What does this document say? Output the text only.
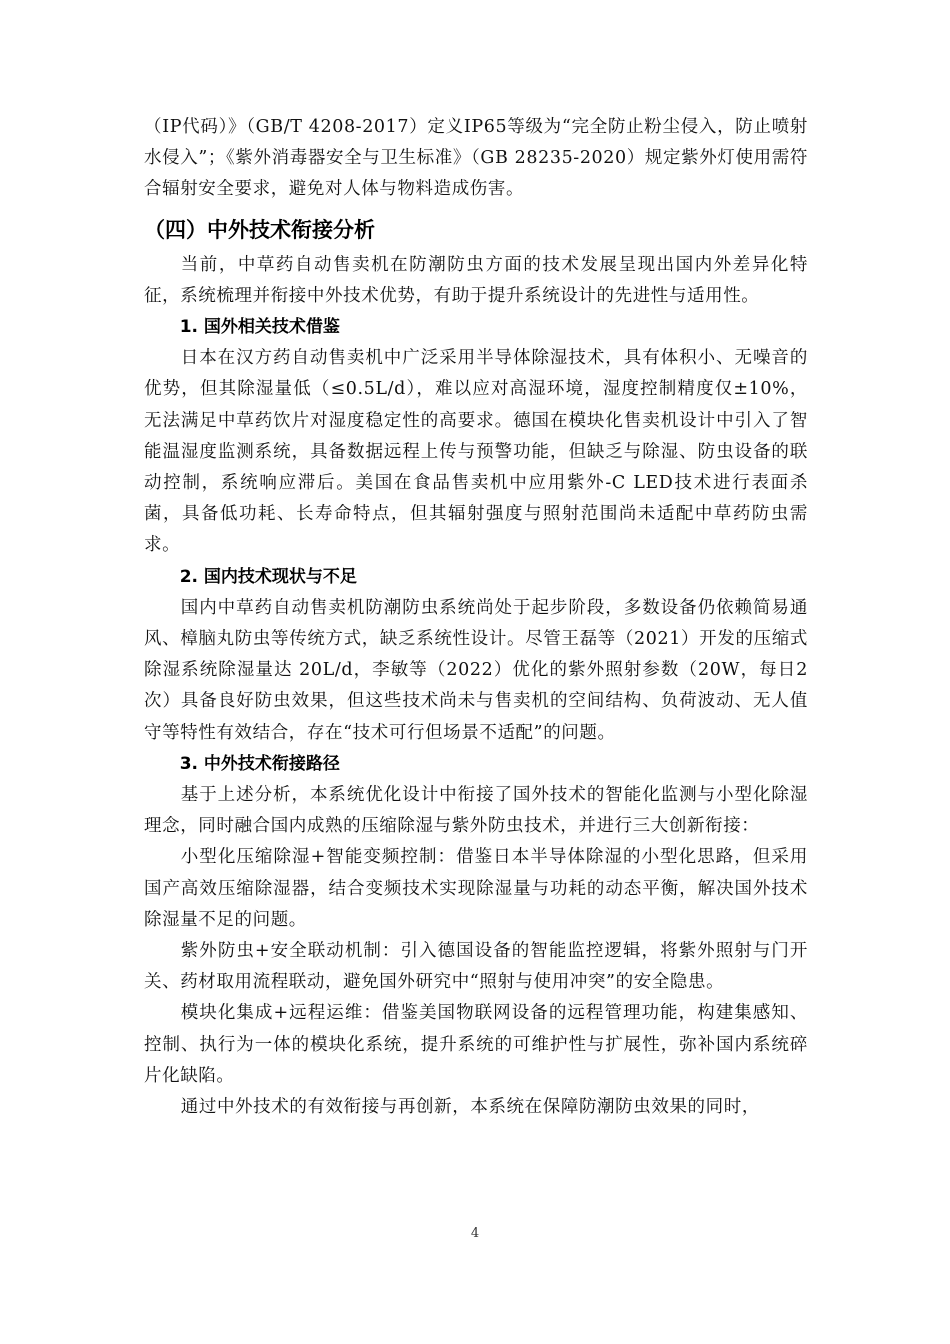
（IP代码）》（GB/T 4208-2017）定义IP65等级为“完全防止粉尘侵入，防止喷射水侵入”；《紫外消毒器安全与卫生标准》（GB 28235-2020）规定紫外灯使用需符合辐射安全要求，避免对人体与物料造成伤害。

（四）中外技术衔接分析

当前，中草药自动售卖机在防潮防虫方面的技术发展呈现出国内外差异化特征，系统梳理并衔接中外技术优势，有助于提升系统设计的先进性与适用性。

1. 国外相关技术借鉴

日本在汉方药自动售卖机中广泛采用半导体除湿技术，具有体积小、无噪音的优势，但其除湿量低（≤0.5L/d），难以应对高湿环境，湿度控制精度仅±10%，无法满足中草药饮片对湿度稳定性的高要求。德国在模块化售卖机设计中引入了智能温湿度监测系统，具备数据远程上传与预警功能，但缺乏与除湿、防虫设备的联动控制，系统响应滞后。美国在食品售卖机中应用紫外-C LED技术进行表面杀菌，具备低功耗、长寿命特点，但其辐射强度与照射范围尚未适配中草药防虫需求。

2. 国内技术现状与不足

国内中草药自动售卖机防潮防虫系统尚处于起步阶段，多数设备仍依赖简易通风、樟脑丸防虫等传统方式，缺乏系统性设计。尽管王磊等（2021）开发的压缩式除湿系统除湿量达 20L/d，李敏等（2022）优化的紫外照射参数（20W，每日2次）具备良好防虫效果，但这些技术尚未与售卖机的空间结构、负荷波动、无人值守等特性有效结合，存在“技术可行但场景不适配”的问题。

3. 中外技术衔接路径

基于上述分析，本系统优化设计中衔接了国外技术的智能化监测与小型化除湿理念，同时融合国内成熟的压缩除湿与紫外防虫技术，并进行三大创新衔接：

小型化压缩除湿+智能变频控制：借鉴日本半导体除湿的小型化思路，但采用国产高效压缩除湿器，结合变频技术实现除湿量与功耗的动态平衡，解决国外技术除湿量不足的问题。

紫外防虫+安全联动机制：引入德国设备的智能监控逻辑，将紫外照射与门开关、药材取用流程联动，避免国外研究中“照射与使用冲突”的安全隐患。

模块化集成+远程运维：借鉴美国物联网设备的远程管理功能，构建集感知、控制、执行为一体的模块化系统，提升系统的可维护性与扩展性，弥补国内系统碎片化缺陷。

通过中外技术的有效衔接与再创新，本系统在保障防潮防虫效果的同时，

4
